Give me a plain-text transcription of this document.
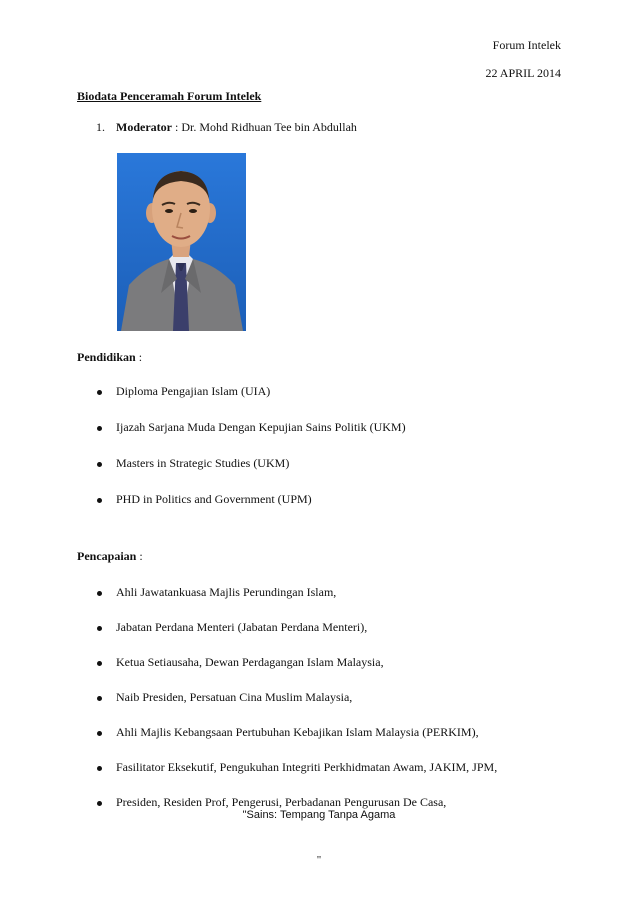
Forum Intelek
22 APRIL 2014
Biodata Penceramah Forum Intelek
1. Moderator : Dr. Mohd Ridhuan Tee bin Abdullah
Pendidikan :
Diploma Pengajian Islam (UIA)
Ijazah Sarjana Muda Dengan Kepujian Sains Politik (UKM)
Masters in Strategic Studies (UKM)
PHD in Politics and Government (UPM)
Pencapaian :
Ahli Jawatankuasa Majlis Perundingan Islam,
Jabatan Perdana Menteri (Jabatan Perdana Menteri),
Ketua Setiausaha, Dewan Perdagangan Islam Malaysia,
Naib Presiden, Persatuan Cina Muslim Malaysia,
Ahli Majlis Kebangsaan Pertubuhan Kebajikan Islam Malaysia (PERKIM),
Fasilitator Eksekutif, Pengukuhan Integriti Perkhidmatan Awam, JAKIM, JPM,
Presiden, Residen Prof, Pengerusi, Perbadanan Pengurusan De Casa,
"Sains: Tempang Tanpa Agama
"
